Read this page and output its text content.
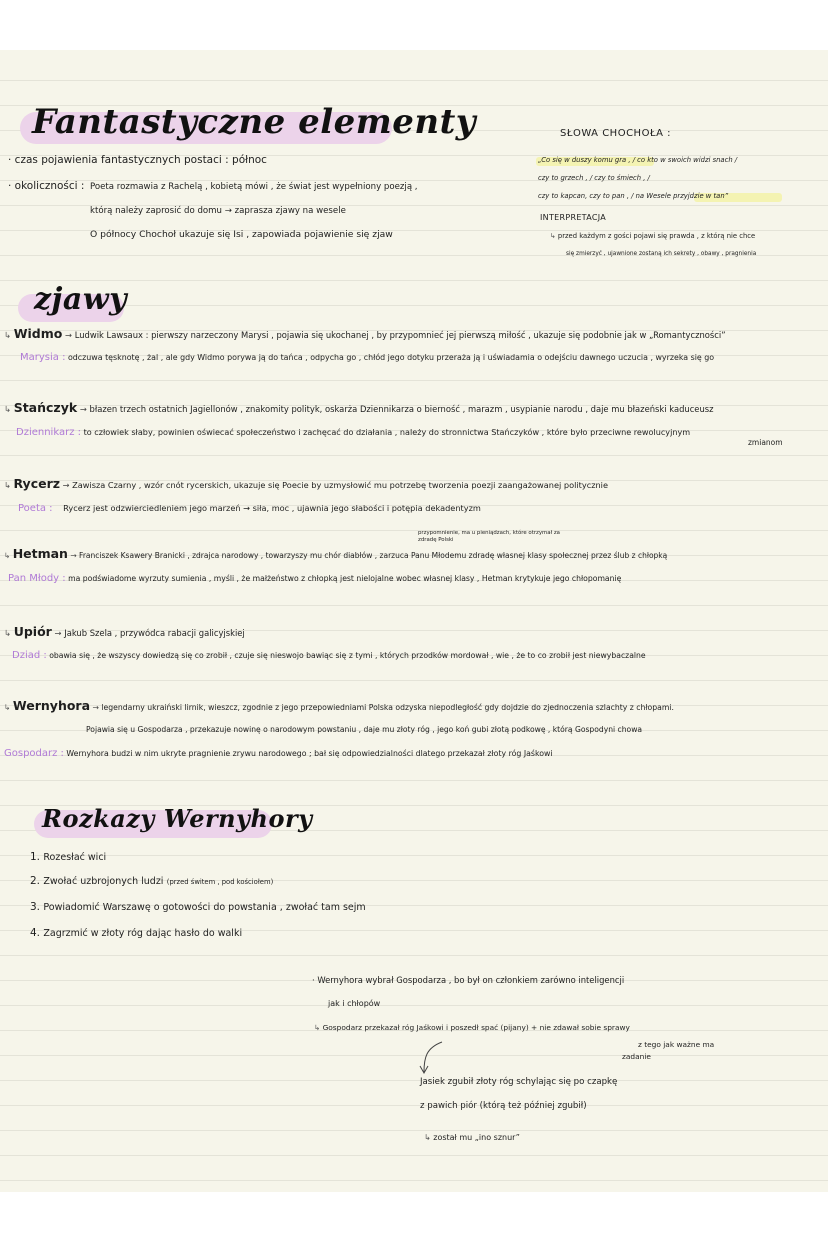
Fantastyczne elementy
· czas pojawienia fantastycznych postaci : północ
· okoliczności : Poeta rozmawia z Rachelą , kobietą mówi , że świat jest wypełniony poezją ,
którą należy zaprosić do domu → zaprasza zjawy na wesele
O północy Chochoł ukazuje się Isi , zapowiada pojawienie się zjaw
SŁOWA CHOCHOŁA :
„Co się w duszy komu gra , / co kto w swoich widzi snach /
czy to grzech , / czy to śmiech , /
czy to kapcan, czy to pan , / na Wesele przyjdzie w tan”
INTERPRETACJA
↳ przed każdym z gości pojawi się prawda , z którą nie chce
się zmierzyć , ujawnione zostaną ich sekrety , obawy , pragnienia
zjawy
↳ Widmo → Ludwik Lawsaux : pierwszy narzeczony Marysi , pojawia się ukochanej , by przypomnieć jej pierwszą miłość , ukazuje się podobnie jak w „Romantyczności”
Marysia : odczuwa tęsknotę , żal , ale gdy Widmo porywa ją do tańca , odpycha go , chłód jego dotyku przeraża ją i uświadamia o odejściu dawnego uczucia , wyrzeka się go
↳ Stańczyk → błazen trzech ostatnich Jagiellonów , znakomity polityk, oskarża Dziennikarza o bierność , marazm , usypianie narodu , daje mu błazeński kaduceusz
Dziennikarz : to człowiek słaby, powinien oświecać społeczeństwo i zachęcać do działania , należy do stronnictwa Stańczyków , które było przeciwne rewolucyjnym
zmianom
↳ Rycerz → Zawisza Czarny , wzór cnót rycerskich, ukazuje się Poecie by uzmysłowić mu potrzebę tworzenia poezji zaangażowanej politycznie
Poeta : Rycerz jest odzwierciedleniem jego marzeń → siła, moc , ujawnia jego słabości i potępia dekadentyzm
przypomnienie, ma u pieniądzach, które otrzymał za zdradę Polski
↳ Hetman → Franciszek Ksawery Branicki , zdrajca narodowy , towarzyszy mu chór diabłów , zarzuca Panu Młodemu zdradę własnej klasy społecznej przez ślub z chłopką
Pan Młody : ma podświadome wyrzuty sumienia , myśli , że małżeństwo z chłopką jest nielojalne wobec własnej klasy , Hetman krytykuje jego chłopomanię
↳ Upiór → Jakub Szela , przywódca rabacji galicyjskiej
Dziad : obawia się , że wszyscy dowiedzą się co zrobił , czuje się nieswojo bawiąc się z tymi , których przodków mordował , wie , że to co zrobił jest niewybaczalne
↳ Wernyhora → legendarny ukraiński lirnik, wieszcz, zgodnie z jego przepowiedniami Polska odzyska niepodległość gdy dojdzie do zjednoczenia szlachty z chłopami.
Pojawia się u Gospodarza , przekazuje nowinę o narodowym powstaniu , daje mu złoty róg , jego koń gubi złotą podkowę , którą Gospodyni chowa
Gospodarz : Wernyhora budzi w nim ukryte pragnienie zrywu narodowego ; bał się odpowiedzialności dlatego przekazał złoty róg Jaśkowi
Rozkazy Wernyhory
1. Rozesłać wici
2. Zwołać uzbrojonych ludzi (przed świtem , pod kościołem)
3. Powiadomić Warszawę o gotowości do powstania , zwołać tam sejm
4. Zagrzmić w złoty róg dając hasło do walki
· Wernyhora wybrał Gospodarza , bo był on członkiem zarówno inteligencji
jak i chłopów
↳ Gospodarz przekazał róg Jaśkowi i poszedł spać (pijany) + nie zdawał sobie sprawy
z tego jak ważne ma
zadanie
Jasiek zgubił złoty róg schylając się po czapkę
z pawich piór (którą też później zgubił)
↳ został mu „ino sznur”
